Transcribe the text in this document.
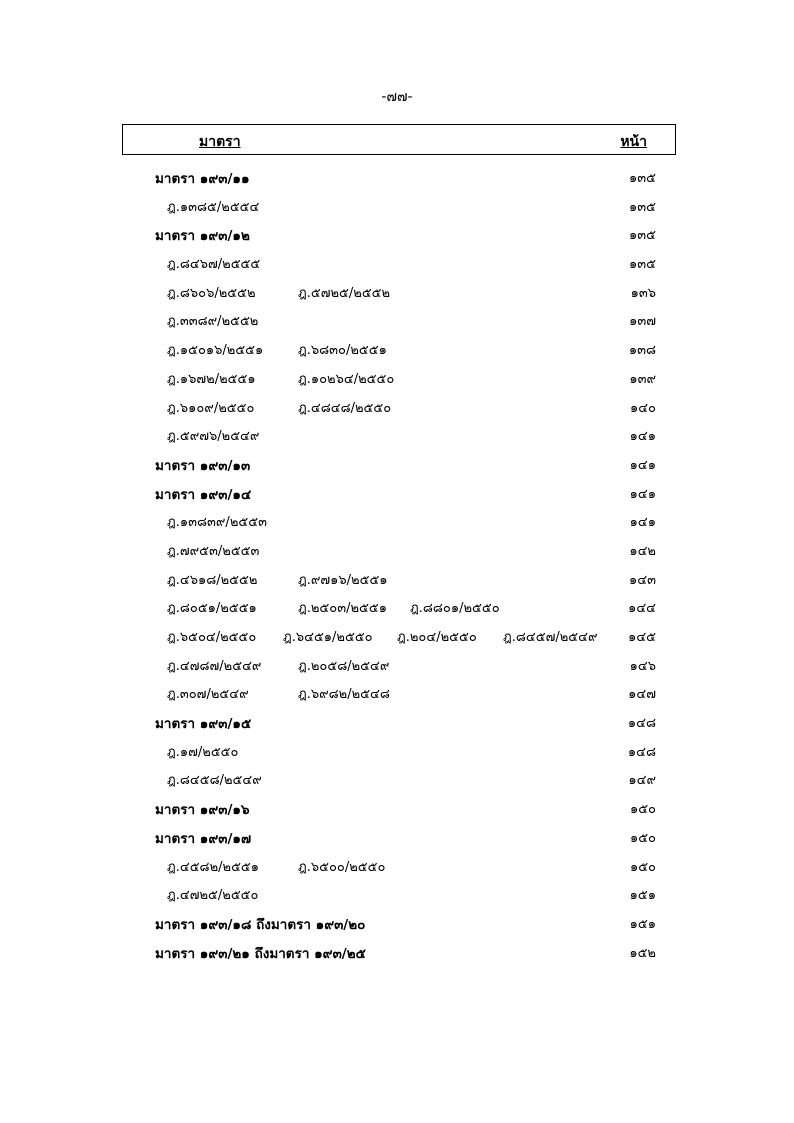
-๗๗-
มาตรา	หน้า
มาตรา ๑๙๓/๑๑	๑๓๕
ฎ.๑๓๘๕/๒๕๕๔	๑๓๕
มาตรา ๑๙๓/๑๒	๑๓๕
ฎ.๘๔๖๗/๒๕๕๕	๑๓๕
ฎ.๘๖๐๖/๒๕๕๒	ฎ.๕๗๒๕/๒๕๕๒	๑๓๖
ฎ.๓๓๘๙/๒๕๕๒	๑๓๗
ฎ.๑๕๐๑๖/๒๕๕๑	ฎ.๖๘๓๐/๒๕๕๑	๑๓๘
ฎ.๑๖๗๒/๒๕๕๑	ฎ.๑๐๒๖๔/๒๕๕๐	๑๓๙
ฎ.๖๑๐๙/๒๕๕๐	ฎ.๔๘๔๘/๒๕๕๐	๑๔๐
ฎ.๕๙๗๖/๒๕๔๙	๑๔๑
มาตรา ๑๙๓/๑๓	๑๔๑
มาตรา ๑๙๓/๑๔	๑๔๑
ฎ.๑๓๘๓๙/๒๕๕๓	๑๔๑
ฎ.๗๙๕๓/๒๕๕๓	๑๔๒
ฎ.๔๖๑๘/๒๕๕๒	ฎ.๙๗๑๖/๒๕๕๑	๑๔๓
ฎ.๘๐๕๑/๒๕๕๑	ฎ.๒๕๐๓/๒๕๕๑ ฎ.๘๘๐๑/๒๕๕๐	๑๔๔
ฎ.๖๕๐๔/๒๕๕๐ ฎ.๖๔๕๑/๒๕๕๐ ฎ.๒๐๔/๒๕๕๐ ฎ.๘๔๕๗/๒๕๔๙ ๑๔๕
ฎ.๔๗๘๗/๒๕๔๙	ฎ.๒๐๕๘/๒๕๔๙	๑๔๖
ฎ.๓๐๗/๒๕๔๙	ฎ.๖๙๘๒/๒๕๔๘	๑๔๗
มาตรา ๑๙๓/๑๕	๑๔๘
ฎ.๑๗/๒๕๕๐	๑๔๘
ฎ.๘๔๕๘/๒๕๔๙	๑๔๙
มาตรา ๑๙๓/๑๖	๑๕๐
มาตรา ๑๙๓/๑๗	๑๕๐
ฎ.๔๕๘๒/๒๕๕๑	ฎ.๖๕๐๐/๒๕๕๐	๑๕๐
ฎ.๔๗๒๕/๒๕๕๐	๑๕๑
มาตรา ๑๙๓/๑๘ ถึงมาตรา ๑๙๓/๒๐	๑๕๑
มาตรา ๑๙๓/๒๑ ถึงมาตรา ๑๙๓/๒๕	๑๕๒
